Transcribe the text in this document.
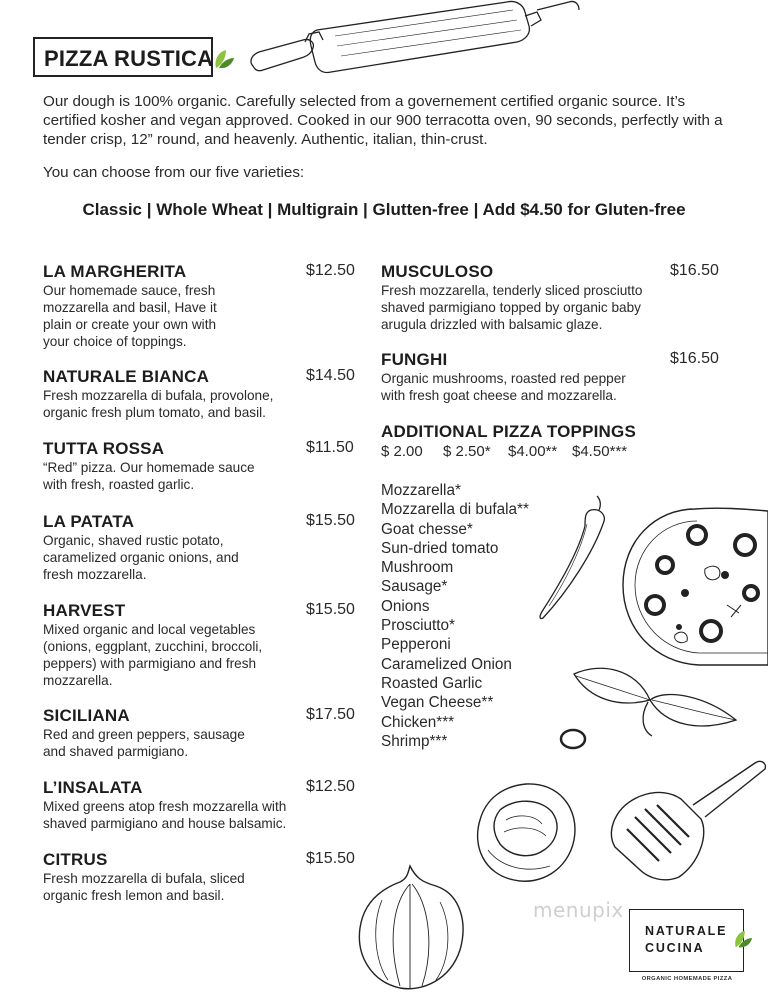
PIZZA RUSTICA
Our dough is 100% organic. Carefully selected from a governement certified organic source. It’s certified kosher and vegan approved. Cooked in our 900 terracotta oven, 90 seconds, perfectly with a tender crisp, 12” round, and heavenly. Authentic, italian, thin-crust.
You can choose from our five varieties:
Classic | Whole Wheat | Multigrain | Glutten-free | Add $4.50 for Gluten-free
LA MARGHERITA
Our homemade sauce, fresh mozzarella and basil, Have it plain or create your own with your choice of toppings.
$12.50
NATURALE BIANCA
Fresh mozzarella di bufala, provolone, organic fresh plum tomato, and basil.
$14.50
TUTTA ROSSA
“Red” pizza. Our homemade sauce with fresh, roasted garlic.
$11.50
LA PATATA
Organic, shaved rustic potato, caramelized organic onions, and fresh mozzarella.
$15.50
HARVEST
Mixed organic and local vegetables (onions, eggplant, zucchini, broccoli, peppers) with parmigiano and fresh mozzarella.
$15.50
SICILIANA
Red and green peppers, sausage and shaved parmigiano.
$17.50
L’INSALATA
Mixed greens atop fresh mozzarella with shaved parmigiano and house balsamic.
$12.50
CITRUS
Fresh mozzarella di bufala, sliced organic fresh lemon and basil.
$15.50
MUSCULOSO
Fresh mozzarella, tenderly sliced prosciutto shaved parmigiano topped by organic baby arugula drizzled with balsamic glaze.
$16.50
FUNGHI
Organic mushrooms, roasted red pepper with fresh goat cheese and mozzarella.
$16.50
ADDITIONAL PIZZA TOPPINGS
$ 2.00 $ 2.50* $4.00** $4.50***
Mozzarella*
Mozzarella di bufala**
Goat chesse*
Sun-dried tomato
Mushroom
Sausage*
Onions
Prosciutto*
Pepperoni
Caramelized Onion
Roasted Garlic
Vegan Cheese**
Chicken***
Shrimp***
menupix
NATURALE
CUCINA
ORGANIC HOMEMADE PIZZA
